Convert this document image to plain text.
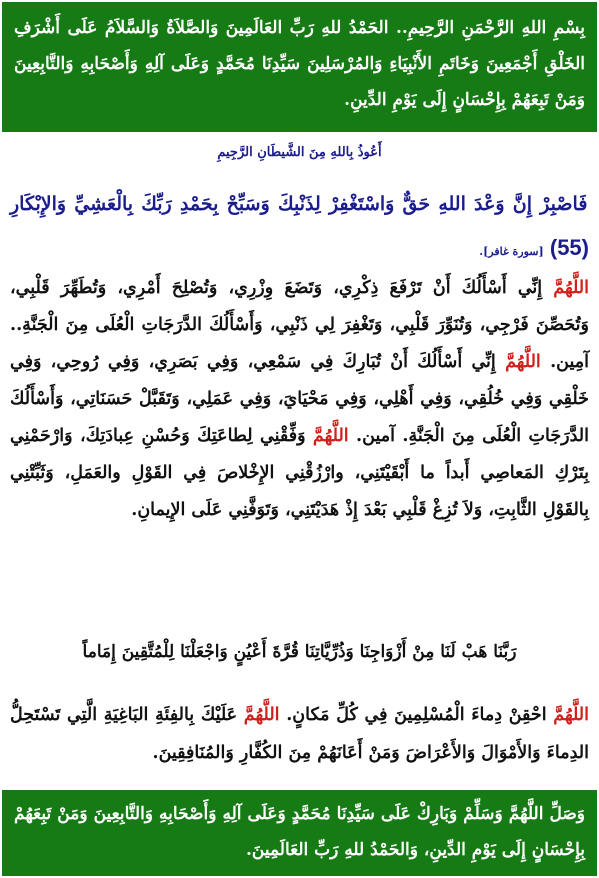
بِسْمِ اللهِ الرَّحْمَنِ الرَّحِيمِ.. الحَمْدُ للهِ رَبِّ العَالَمِينَ وَالصَّلاَةُ وَالسَّلاَمُ عَلَى أَشْرَفِ الخَلْقِ أَجْمَعِينَ وَخَاتَمِ الأَنْبِيَاءِ وَالمُرْسَلِينَ سَيِّدِنَا مُحَمَّدٍ وَعَلَى آلِهِ وَأَصْحَابِهِ وَالتَّابِعِينَ وَمَنْ تَبِعَهُمْ بِإِحْسَانٍ إِلَى يَوْمِ الدِّينِ.
أَعُوذُ بِاللهِ مِنَ الشَّيطَانِ الرَّجِيمِ
فَاصْبِرْ إِنَّ وَعْدَ اللهِ حَقٌّ وَاسْتَغْفِرْ لِذَنْبِكَ وَسَبِّحْ بِحَمْدِ رَبِّكَ بِالْعَشِيِّ وَالإِبْكَارِ (55) [سورة غافر].
اللَّهُمَّ إِنِّي أَسْأَلُكَ أَنْ تَرْفَعَ ذِكْرِي، وَتَضَعَ وِزْرِي، وَتُصْلِحَ أَمْرِي، وَتُطَهِّرَ قَلْبِي، وَتُحَصِّنَ فَرْجِي، وَتُنَوِّرَ قَلْبِي، وَتَغْفِرَ لِي ذَنْبِي، وَأَسْأَلُكَ الدَّرَجَاتِ الْعُلَى مِنَ الْجَنَّةِ.. آمِين. اللَّهُمَّ إِنِّي أَسْأَلُكَ أَنْ تُبَارِكَ فِي سَمْعِي، وَفِي بَصَرِي، وَفِي رُوحِي، وَفِي خَلْقِي وَفِي خُلُقِي، وَفِي أَهْلِي، وَفِي مَحْيَايَ، وَفِي عَمَلِي، وَتَقَبَّلْ حَسَنَاتِي، وَأَسْأَلُكَ الدَّرَجَاتِ الْعُلَى مِنَ الْجَنَّةِ. آمين. اللَّهُمَّ وَفِّقْنِي لِطاعَتِكَ وَحُسْنِ عِبادَتِكَ، وَارْحَمْنِي بِتَرْكِ المَعاصِي أَبداً ما أَبْقَيْتَنِي، وارْزُقْنِي الإِخْلاصَ فِي القَوْلِ والعَمَلِ، وَثَبِّتْنِي بِالقَوْلِ الثَّابِتِ، وَلاَ تُزِغْ قَلْبِي بَعْدَ إِذْ هَدَيْتَنِي، وَتَوَفَّنِي عَلَى الإِيمانِ.
رَبَّنَا هَبْ لَنَا مِنْ أَزْوَاجِنَا وَذُرِّيَّاتِنَا قُرَّةَ أَعْيُنٍ وَاجْعَلْنَا لِلْمُتَّقِينَ إِمَاماً
اللَّهُمَّ احْقِنْ دِماءَ الْمُسْلِمِينَ فِي كُلِّ مَكانٍ. اللَّهُمَّ عَلَيْكَ بِالفِئَةِ البَاغِيَةِ الَّتِي تَسْتَحِلُّ الدِماءَ وَالأَمْوَالَ وَالأَعْرَاضَ وَمَنْ أَعَانَهُمْ مِنَ الكُفَّارِ وَالمُنَافِقِينَ.
وَصَلِّ اللَّهُمَّ وَسَلِّمْ وَبَارِكْ عَلَى سَيِّدِنَا مُحَمَّدٍ وَعَلَى آلِهِ وَأَصْحَابِهِ وَالتَّابِعِينَ وَمَنْ تَبِعَهُمْ بِإِحْسَانٍ إِلَى يَوْمِ الدِّينِ، وَالحَمْدُ للهِ رَبِّ العَالَمِينَ.
